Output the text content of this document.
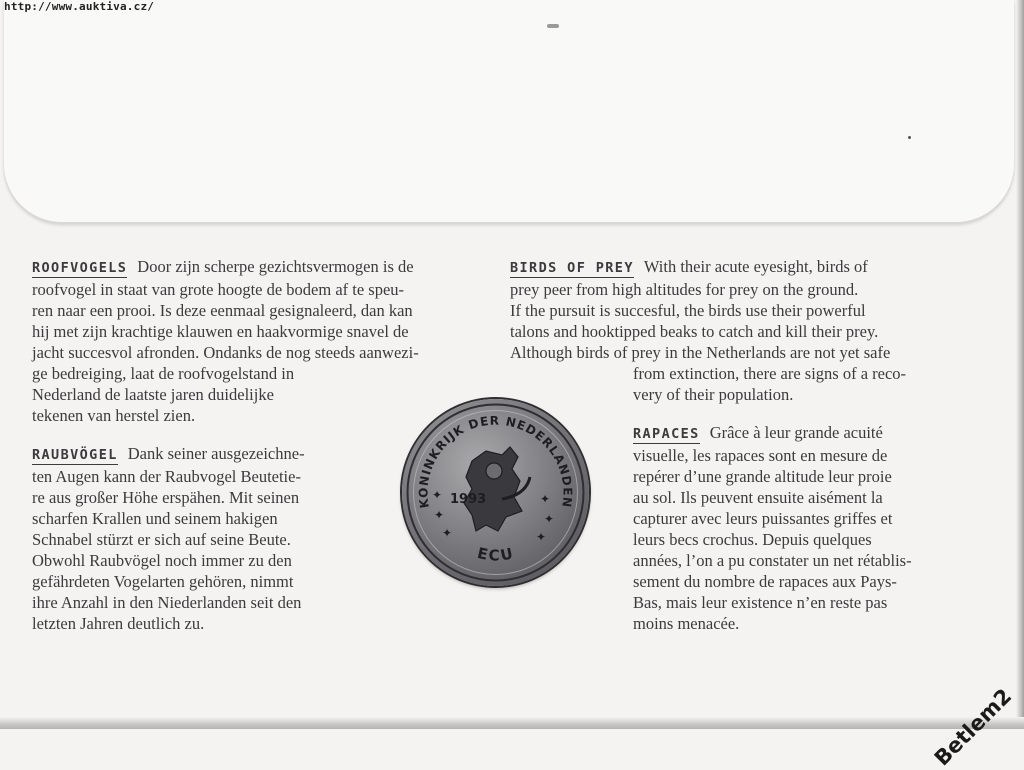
http://www.auktiva.cz/
ROOFVOGELS Door zijn scherpe gezichtsvermogen is de
roofvogel in staat van grote hoogte de bodem af te speu-
ren naar een prooi. Is deze eenmaal gesignaleerd, dan kan
hij met zijn krachtige klauwen en haakvormige snavel de
jacht succesvol afronden. Ondanks de nog steeds aanwezi-
ge bedreiging, laat de roofvogelstand in
Nederland de laatste jaren duidelijke
tekenen van herstel zien.
RAUBVÖGEL Dank seiner ausgezeichne-
ten Augen kann der Raubvogel Beutetie-
re aus großer Höhe erspähen. Mit seinen
scharfen Krallen und seinem hakigen
Schnabel stürzt er sich auf seine Beute.
Obwohl Raubvögel noch immer zu den
gefährdeten Vogelarten gehören, nimmt
ihre Anzahl in den Niederlanden seit den
letzten Jahren deutlich zu.
BIRDS OF PREY With their acute eyesight, birds of
prey peer from high altitudes for prey on the ground.
If the pursuit is succesful, the birds use their powerful
talons and hooktipped beaks to catch and kill their prey.
Although birds of prey in the Netherlands are not yet safe
from extinction, there are signs of a reco-
very of their population.
RAPACES Grâce à leur grande acuité
visuelle, les rapaces sont en mesure de
repérer d’une grande altitude leur proie
au sol. Ils peuvent ensuite aisément la
capturer avec leurs puissantes griffes et
leurs becs crochus. Depuis quelques
années, l’on a pu constater un net rétablis-
sement du nombre de rapaces aux Pays-
Bas, mais leur existence n’en reste pas
moins menacée.
KONINKRIJK DER NEDERLANDEN
✦
✦
✦
✦
✦
✦
1993
ECU
Betlem2
